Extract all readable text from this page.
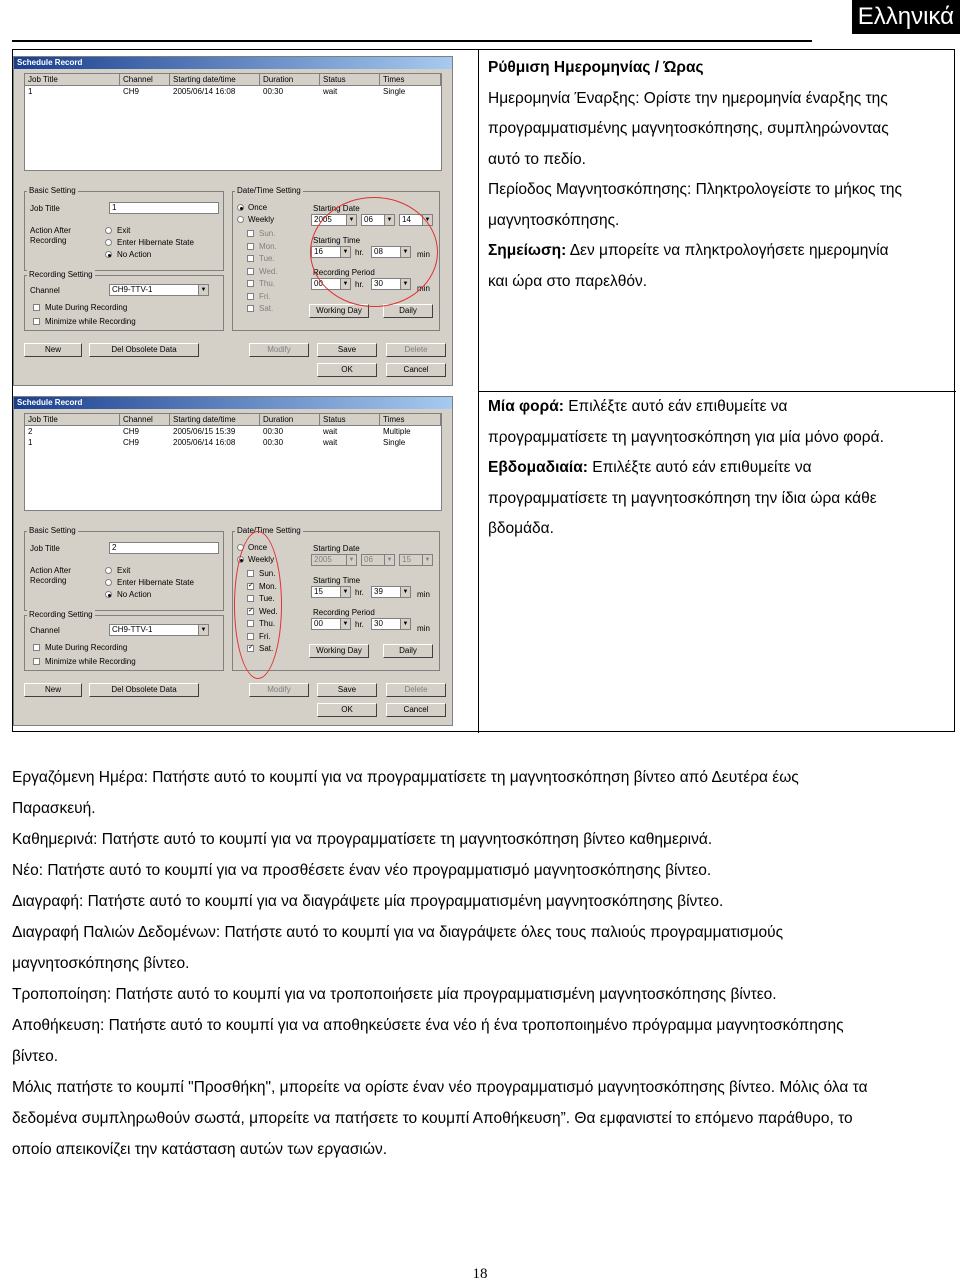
Ελληνικά
Ρύθμιση Ημερομηνίας / Ώρας
Ημερομηνία Έναρξης: Ορίστε την ημερομηνία έναρξης της
προγραμματισμένης μαγνητοσκόπησης, συμπληρώνοντας
αυτό το πεδίο.
Περίοδος Μαγνητοσκόπησης: Πληκτρολογείστε το μήκος της
μαγνητοσκόπησης.
Σημείωση: Δεν μπορείτε να πληκτρολογήσετε ημερομηνία
και ώρα στο παρελθόν.
Μία φορά: Επιλέξτε αυτό εάν επιθυμείτε να
προγραμματίσετε τη μαγνητοσκόπηση για μία μόνο φορά.
Εβδομαδιαία: Επιλέξτε αυτό εάν επιθυμείτε να
προγραμματίσετε τη μαγνητοσκόπηση την ίδια ώρα κάθε
βδομάδα.
Schedule Record
Job Title	Channel	Starting date/time	Duration	Status	Times
1	CH9	2005/06/14 16:08	00:30	wait	Single
Basic Setting
Job Title	1
Action After Recording
Exit
Enter Hibernate State
No Action
Recording Setting
Channel	CH9-TTV-1	▼
Mute During Recording
Minimize while Recording
Date/Time Setting
Once
Weekly
Sun.
Mon.
Tue.
Wed.
Thu.
Fri.
Sat.
Starting Date
2005	▼	06	▼	14	▼
Starting Time
16	▼ hr.	08	▼ min
Recording Period
00	▼ hr.	30	▼ min
Working Day	Daily
New	Del Obsolete Data	Modify	Save	Delete
OK	Cancel
Schedule Record
Job Title	Channel	Starting date/time	Duration	Status	Times
2	CH9	2005/06/15 15:39	00:30	wait	Multiple
1	CH9	2005/06/14 16:08	00:30	wait	Single
Basic Setting
Job Title	2
Action After Recording
Exit
Enter Hibernate State
No Action
Recording Setting
Channel	CH9-TTV-1	▼
Mute During Recording
Minimize while Recording
Date/Time Setting
Once
Weekly
Sun.
✓
Mon.
Tue.
✓
Wed.
Thu.
Fri.
✓
Sat.
Starting Date
2005	▼	06	▼	15	▼
Starting Time
15	▼ hr.	39	▼ min
Recording Period
00	▼ hr.	30	▼ min
Working Day	Daily
New	Del Obsolete Data	Modify	Save	Delete
OK	Cancel
Εργαζόμενη Ημέρα: Πατήστε αυτό το κουμπί για να προγραμματίσετε τη μαγνητοσκόπηση βίντεο από Δευτέρα έως
Παρασκευή.
Καθημερινά: Πατήστε αυτό το κουμπί για να προγραμματίσετε τη μαγνητοσκόπηση βίντεο καθημερινά.
Νέο: Πατήστε αυτό το κουμπί για να προσθέσετε έναν νέο προγραμματισμό μαγνητοσκόπησης βίντεο.
Διαγραφή: Πατήστε αυτό το κουμπί για να διαγράψετε μία προγραμματισμένη μαγνητοσκόπησης βίντεο.
Διαγραφή Παλιών Δεδομένων: Πατήστε αυτό το κουμπί για να διαγράψετε όλες τους παλιούς προγραμματισμούς
μαγνητοσκόπησης βίντεο.
Τροποποίηση: Πατήστε αυτό το κουμπί για να τροποποιήσετε μία προγραμματισμένη μαγνητοσκόπησης βίντεο.
Αποθήκευση: Πατήστε αυτό το κουμπί για να αποθηκεύσετε ένα νέο ή ένα τροποποιημένο πρόγραμμα μαγνητοσκόπησης
βίντεο.
Μόλις πατήστε το κουμπί "Προσθήκη", μπορείτε να ορίστε έναν νέο προγραμματισμό μαγνητοσκόπησης βίντεο. Μόλις όλα τα
δεδομένα συμπληρωθούν σωστά, μπορείτε να πατήσετε το κουμπί Αποθήκευση”. Θα εμφανιστεί το επόμενο παράθυρο, το
οποίο απεικονίζει την κατάσταση αυτών των εργασιών.
18
